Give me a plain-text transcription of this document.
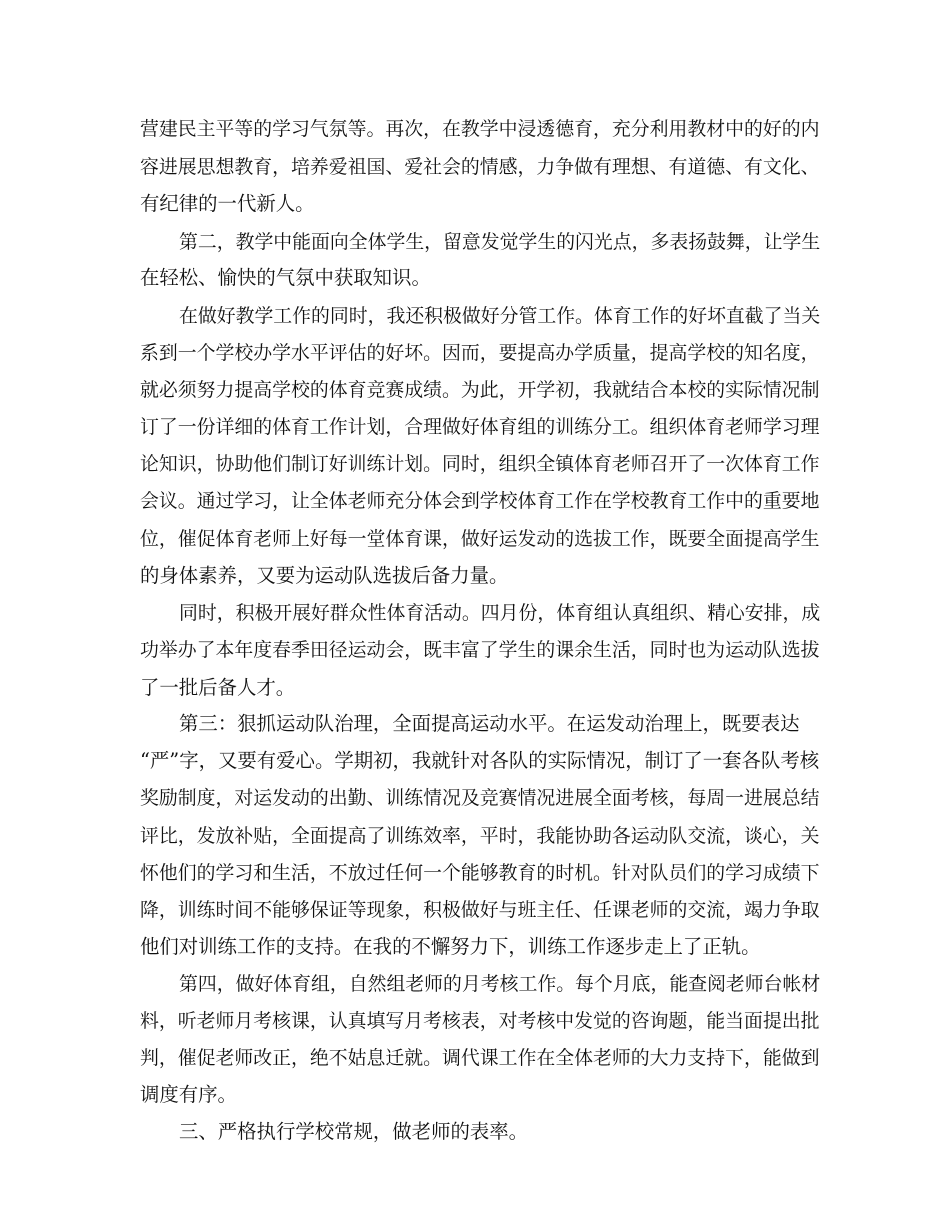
营建民主平等的学习气氛等。再次，在教学中浸透德育，充分利用教材中的好的内
容进展思想教育，培养爱祖国、爱社会的情感，力争做有理想、有道德、有文化、
有纪律的一代新人。
第二，教学中能面向全体学生，留意发觉学生的闪光点，多表扬鼓舞，让学生
在轻松、愉快的气氛中获取知识。
在做好教学工作的同时，我还积极做好分管工作。体育工作的好坏直截了当关
系到一个学校办学水平评估的好坏。因而，要提高办学质量，提高学校的知名度，
就必须努力提高学校的体育竞赛成绩。为此，开学初，我就结合本校的实际情况制
订了一份详细的体育工作计划，合理做好体育组的训练分工。组织体育老师学习理
论知识，协助他们制订好训练计划。同时，组织全镇体育老师召开了一次体育工作
会议。通过学习，让全体老师充分体会到学校体育工作在学校教育工作中的重要地
位，催促体育老师上好每一堂体育课，做好运发动的选拔工作，既要全面提高学生
的身体素养，又要为运动队选拔后备力量。
同时，积极开展好群众性体育活动。四月份，体育组认真组织、精心安排，成
功举办了本年度春季田径运动会，既丰富了学生的课余生活，同时也为运动队选拔
了一批后备人才。
第三：狠抓运动队治理，全面提高运动水平。在运发动治理上，既要表达
“严”字，又要有爱心。学期初，我就针对各队的实际情况，制订了一套各队考核
奖励制度，对运发动的出勤、训练情况及竞赛情况进展全面考核，每周一进展总结
评比，发放补贴，全面提高了训练效率，平时，我能协助各运动队交流，谈心，关
怀他们的学习和生活，不放过任何一个能够教育的时机。针对队员们的学习成绩下
降，训练时间不能够保证等现象，积极做好与班主任、任课老师的交流，竭力争取
他们对训练工作的支持。在我的不懈努力下，训练工作逐步走上了正轨。
第四，做好体育组，自然组老师的月考核工作。每个月底，能查阅老师台帐材
料，听老师月考核课，认真填写月考核表，对考核中发觉的咨询题，能当面提出批
判，催促老师改正，绝不姑息迁就。调代课工作在全体老师的大力支持下，能做到
调度有序。
三、严格执行学校常规，做老师的表率。
